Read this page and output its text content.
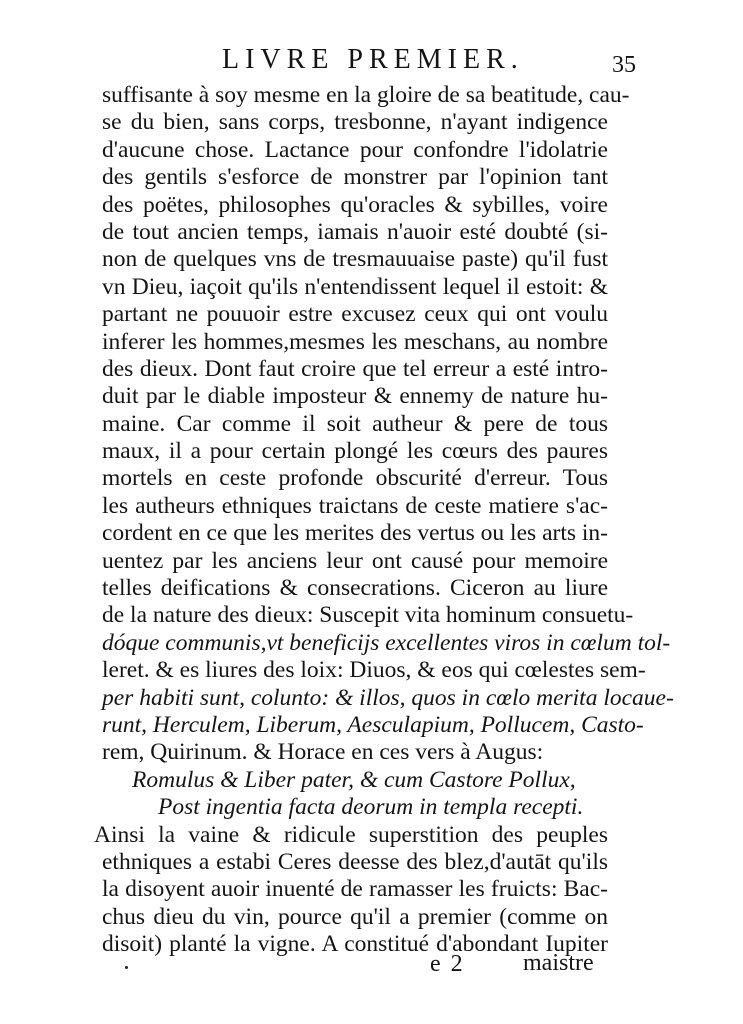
LIVRE PREMIER.	35
suffisante à soy mesme en la gloire de sa beatitude, cau-
se du bien, sans corps, tresbonne, n'ayant indigence
d'aucune chose. Lactance pour confondre l'idolatrie
des gentils s'esforce de monstrer par l'opinion tant
des poëtes, philosophes qu'oracles & sybilles, voire
de tout ancien temps, iamais n'auoir esté doubté (si-
non de quelques vns de tresmauuaise paste) qu'il fust
vn Dieu, iaçoit qu'ils n'entendissent lequel il estoit: &
partant ne pouuoir estre excusez ceux qui ont voulu
inferer les hommes,mesmes les meschans, au nombre
des dieux. Dont faut croire que tel erreur a esté intro-
duit par le diable imposteur & ennemy de nature hu-
maine. Car comme il soit autheur & pere de tous
maux, il a pour certain plongé les cœurs des paures
mortels en ceste profonde obscurité d'erreur. Tous
les autheurs ethniques traictans de ceste matiere s'ac-
cordent en ce que les merites des vertus ou les arts in-
uentez par les anciens leur ont causé pour memoire
telles deifications & consecrations. Ciceron au liure
de la nature des dieux: Suscepit vita hominum consuetu-
dóque communis,vt beneficijs excellentes viros in cœlum tol-
leret. & es liures des loix: Diuos, & eos qui cœlestes sem-
per habiti sunt, colunto: & illos, quos in cœlo merita locaue-
runt, Herculem, Liberum, Aesculapium, Pollucem, Casto-
rem, Quirinum. & Horace en ces vers à Augus:
Romulus & Liber pater, & cum Castore Pollux,
Post ingentia facta deorum in templa recepti.
Ainsi la vaine & ridicule superstition des peuples
ethniques a estabi Ceres deesse des blez,d'autāt qu'ils
la disoyent auoir inuenté de ramasser les fruicts: Bac-
chus dieu du vin, pource qu'il a premier (comme on
disoit) planté la vigne. A constitué d'abondant Iupiter
e 2 maistre
